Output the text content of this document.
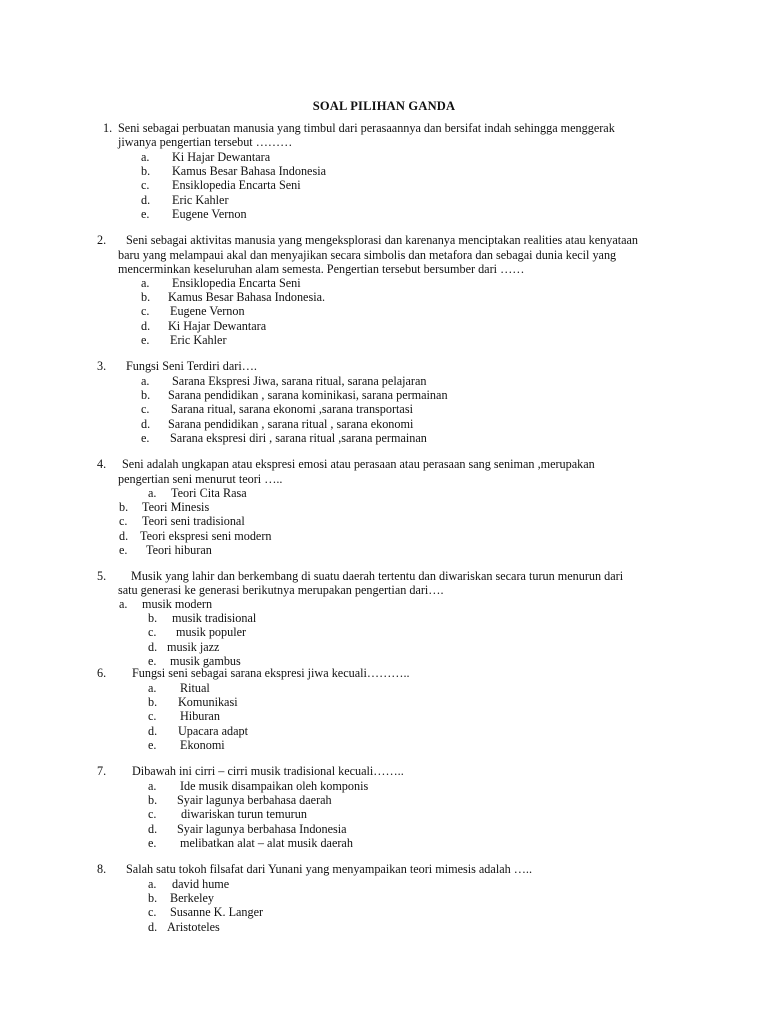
SOAL PILIHAN GANDA
1. Seni sebagai perbuatan manusia yang timbul dari perasaannya dan bersifat indah sehingga menggerak
jiwanya pengertian tersebut ………
a. Ki Hajar Dewantara
b. Kamus Besar Bahasa Indonesia
c. Ensiklopedia Encarta Seni
d. Eric Kahler
e. Eugene Vernon
2. Seni sebagai aktivitas manusia yang mengeksplorasi dan karenanya menciptakan realities atau kenyataan
baru yang melampaui akal dan menyajikan secara simbolis dan metafora dan sebagai dunia kecil yang
mencerminkan keseluruhan alam semesta. Pengertian tersebut bersumber dari ……
a. Ensiklopedia Encarta Seni
b. Kamus Besar Bahasa Indonesia.
c. Eugene Vernon
d. Ki Hajar Dewantara
e. Eric Kahler
3. Fungsi Seni Terdiri dari….
a. Sarana Ekspresi Jiwa, sarana ritual, sarana pelajaran
b. Sarana pendidikan , sarana kominikasi, sarana permainan
c. Sarana ritual, sarana ekonomi ,sarana transportasi
d. Sarana pendidikan , sarana ritual , sarana ekonomi
e. Sarana ekspresi diri , sarana ritual ,sarana permainan
4. Seni adalah ungkapan atau ekspresi emosi atau perasaan atau perasaan sang seniman ,merupakan
pengertian seni menurut teori …..
a. Teori Cita Rasa
b. Teori Minesis
c. Teori seni tradisional
d. Teori ekspresi seni modern
e. Teori hiburan
5. Musik yang lahir dan berkembang di suatu daerah tertentu dan diwariskan secara turun menurun dari
satu generasi ke generasi berikutnya merupakan pengertian dari….
a. musik modern
b. musik tradisional
c. musik populer
d. musik jazz
e. musik gambus
6. Fungsi seni sebagai sarana ekspresi jiwa kecuali………..
a. Ritual
b. Komunikasi
c. Hiburan
d. Upacara adapt
e. Ekonomi
7. Dibawah ini cirri – cirri musik tradisional kecuali……..
a. Ide musik disampaikan oleh komponis
b. Syair lagunya berbahasa daerah
c. diwariskan turun temurun
d. Syair lagunya berbahasa Indonesia
e. melibatkan alat – alat musik daerah
8. Salah satu tokoh filsafat dari Yunani yang menyampaikan teori mimesis adalah …..
a. david hume
b. Berkeley
c. Susanne K. Langer
d. Aristoteles
